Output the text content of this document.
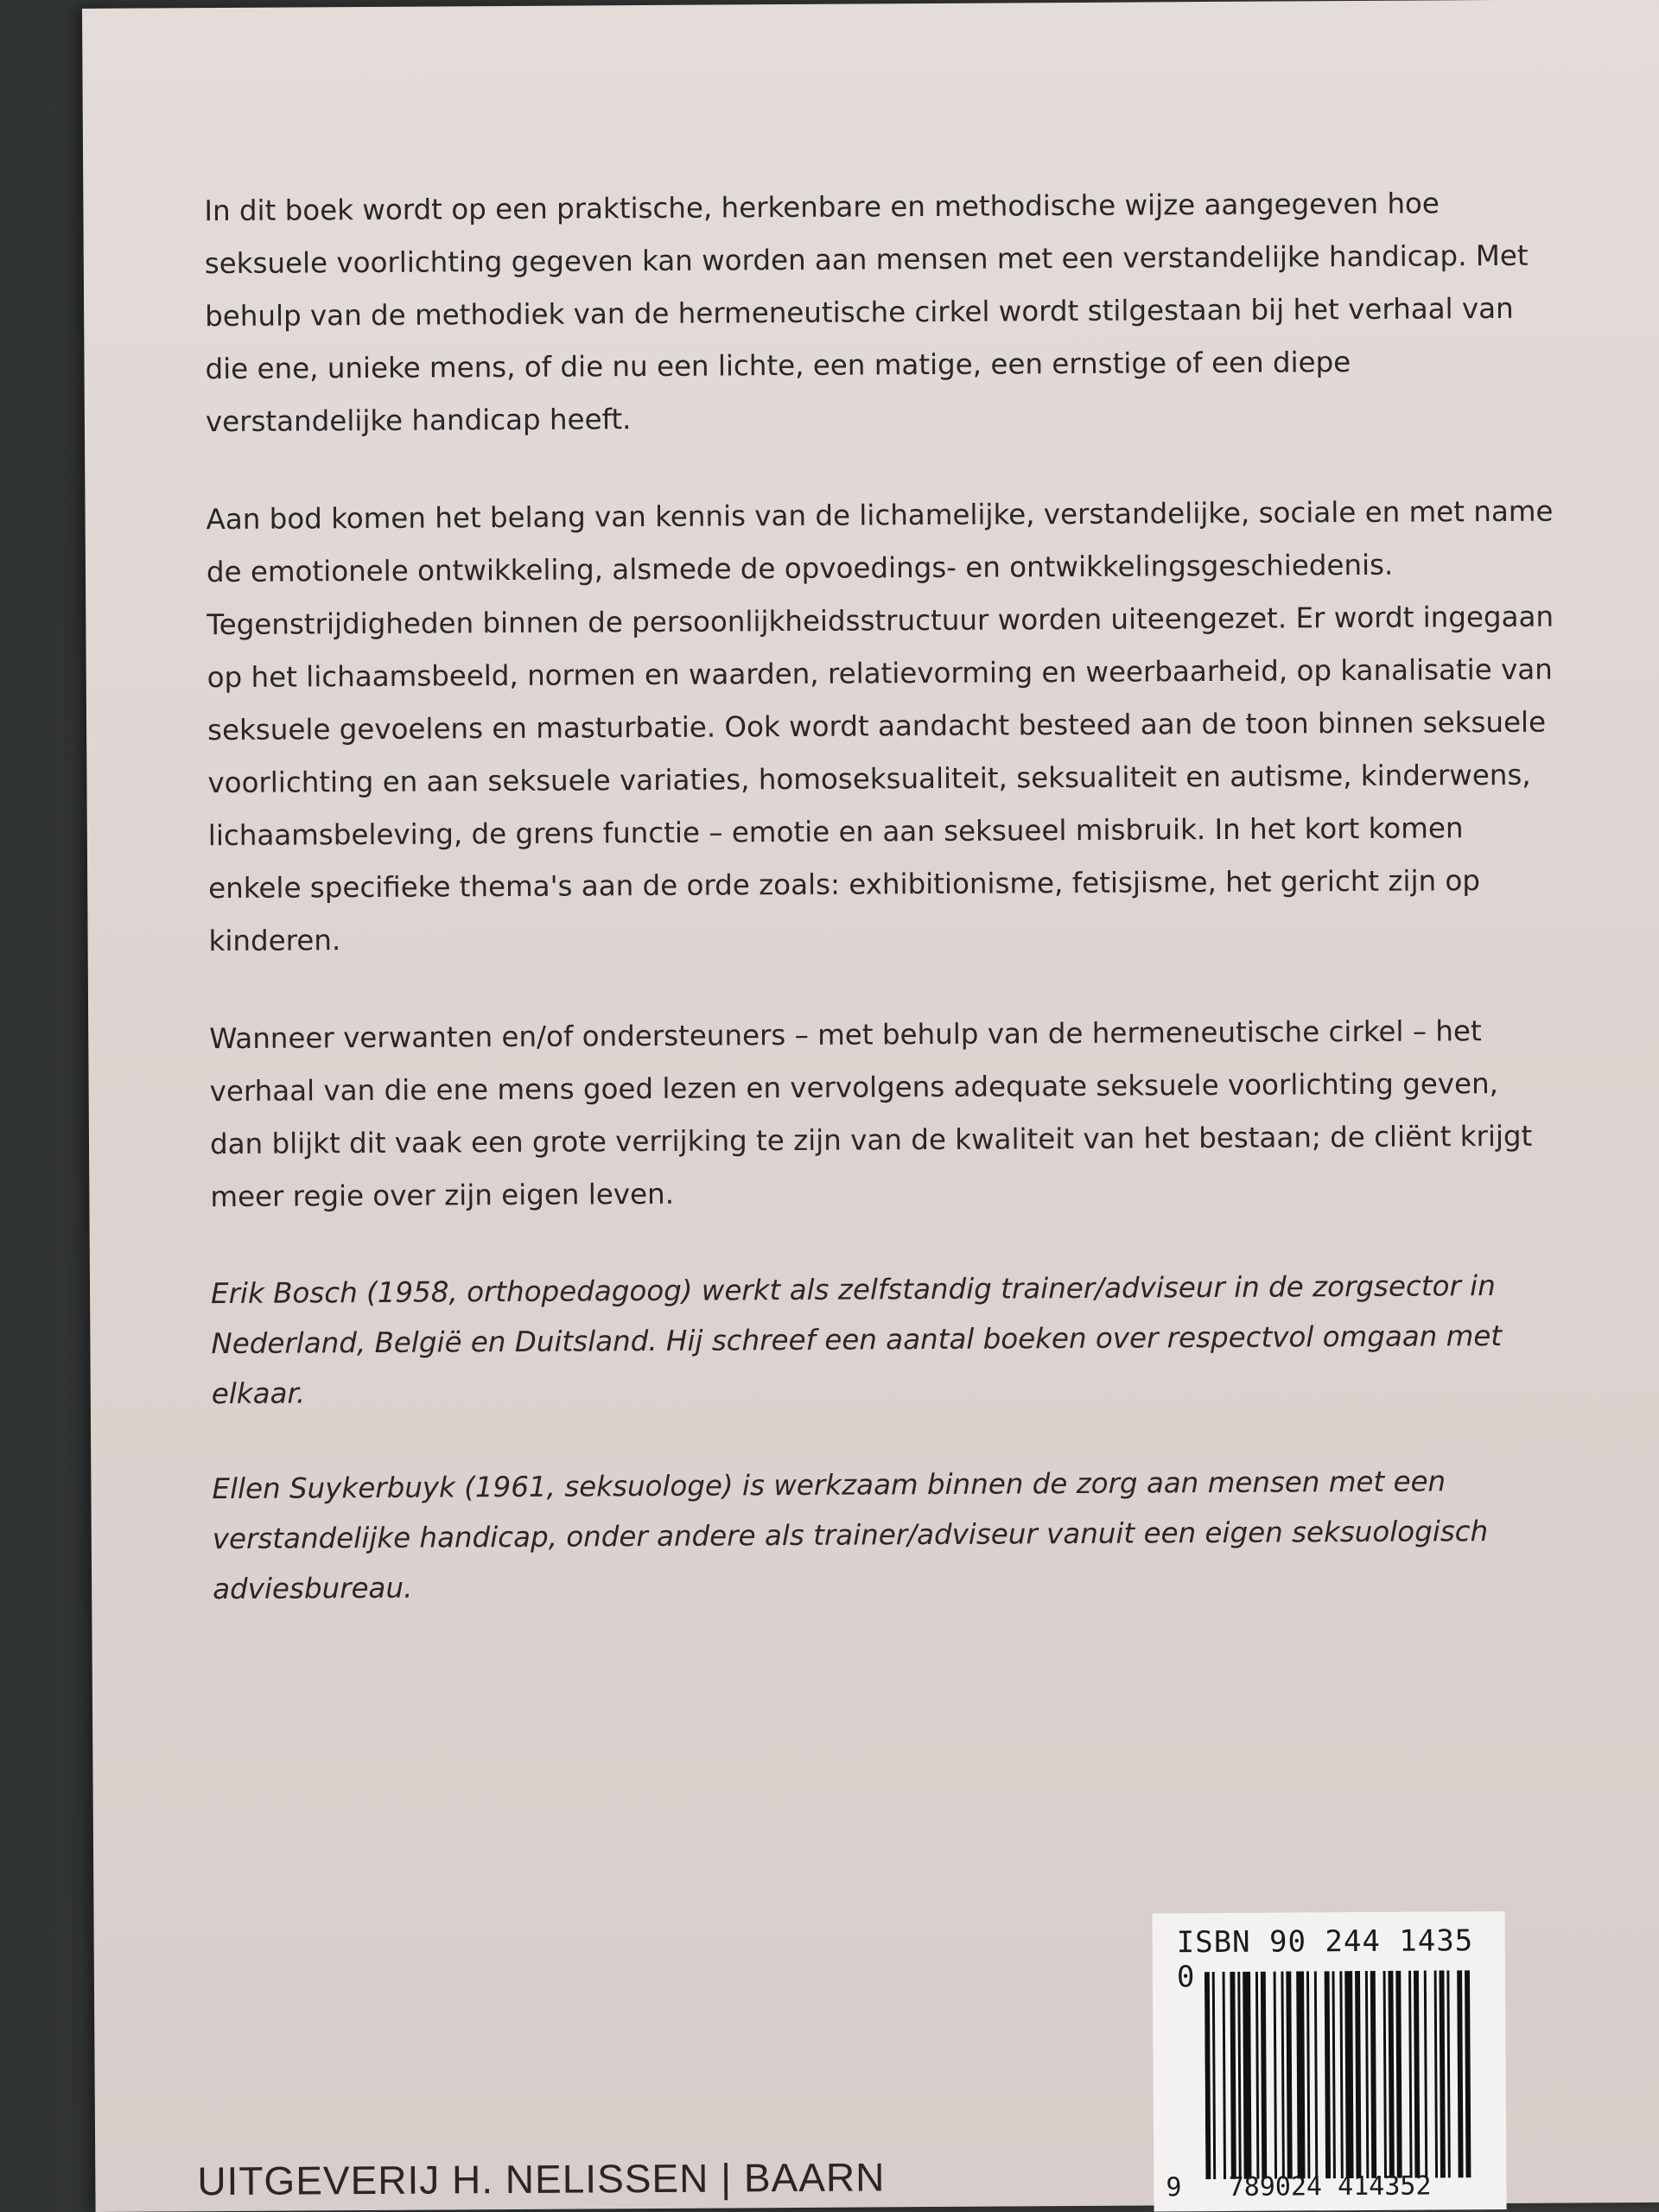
In dit boek wordt op een praktische, herkenbare en methodische wijze aangegeven hoe seksuele voorlichting gegeven kan worden aan mensen met een verstandelijke handicap. Met behulp van de methodiek van de hermeneutische cirkel wordt stilgestaan bij het verhaal van die ene, unieke mens, of die nu een lichte, een matige, een ernstige of een diepe verstandelijke handicap heeft.

Aan bod komen het belang van kennis van de lichamelijke, verstandelijke, sociale en met name de emotionele ontwikkeling, alsmede de opvoedings- en ontwikkelingsgeschiedenis. Tegenstrijdigheden binnen de persoonlijkheidsstructuur worden uiteengezet. Er wordt ingegaan op het lichaamsbeeld, normen en waarden, relatievorming en weerbaarheid, op kanalisatie van seksuele gevoelens en masturbatie. Ook wordt aandacht besteed aan de toon binnen seksuele voorlichting en aan seksuele variaties, homoseksualiteit, seksualiteit en autisme, kinderwens, lichaamsbeleving, de grens functie – emotie en aan seksueel misbruik. In het kort komen enkele specifieke thema's aan de orde zoals: exhibitionisme, fetisjisme, het gericht zijn op kinderen.

Wanneer verwanten en/of ondersteuners – met behulp van de hermeneutische cirkel – het verhaal van die ene mens goed lezen en vervolgens adequate seksuele voorlichting geven, dan blijkt dit vaak een grote verrijking te zijn van de kwaliteit van het bestaan; de cliënt krijgt meer regie over zijn eigen leven.

Erik Bosch (1958, orthopedagoog) werkt als zelfstandig trainer/adviseur in de zorgsector in Nederland, België en Duitsland. Hij schreef een aantal boeken over respectvol omgaan met elkaar.

Ellen Suykerbuyk (1961, seksuologe) is werkzaam binnen de zorg aan mensen met een verstandelijke handicap, onder andere als trainer/adviseur vanuit een eigen seksuologisch adviesbureau.

ISBN 90 244 1435 0
9   789024 414352
UITGEVERIJ H. NELISSEN | BAARN
